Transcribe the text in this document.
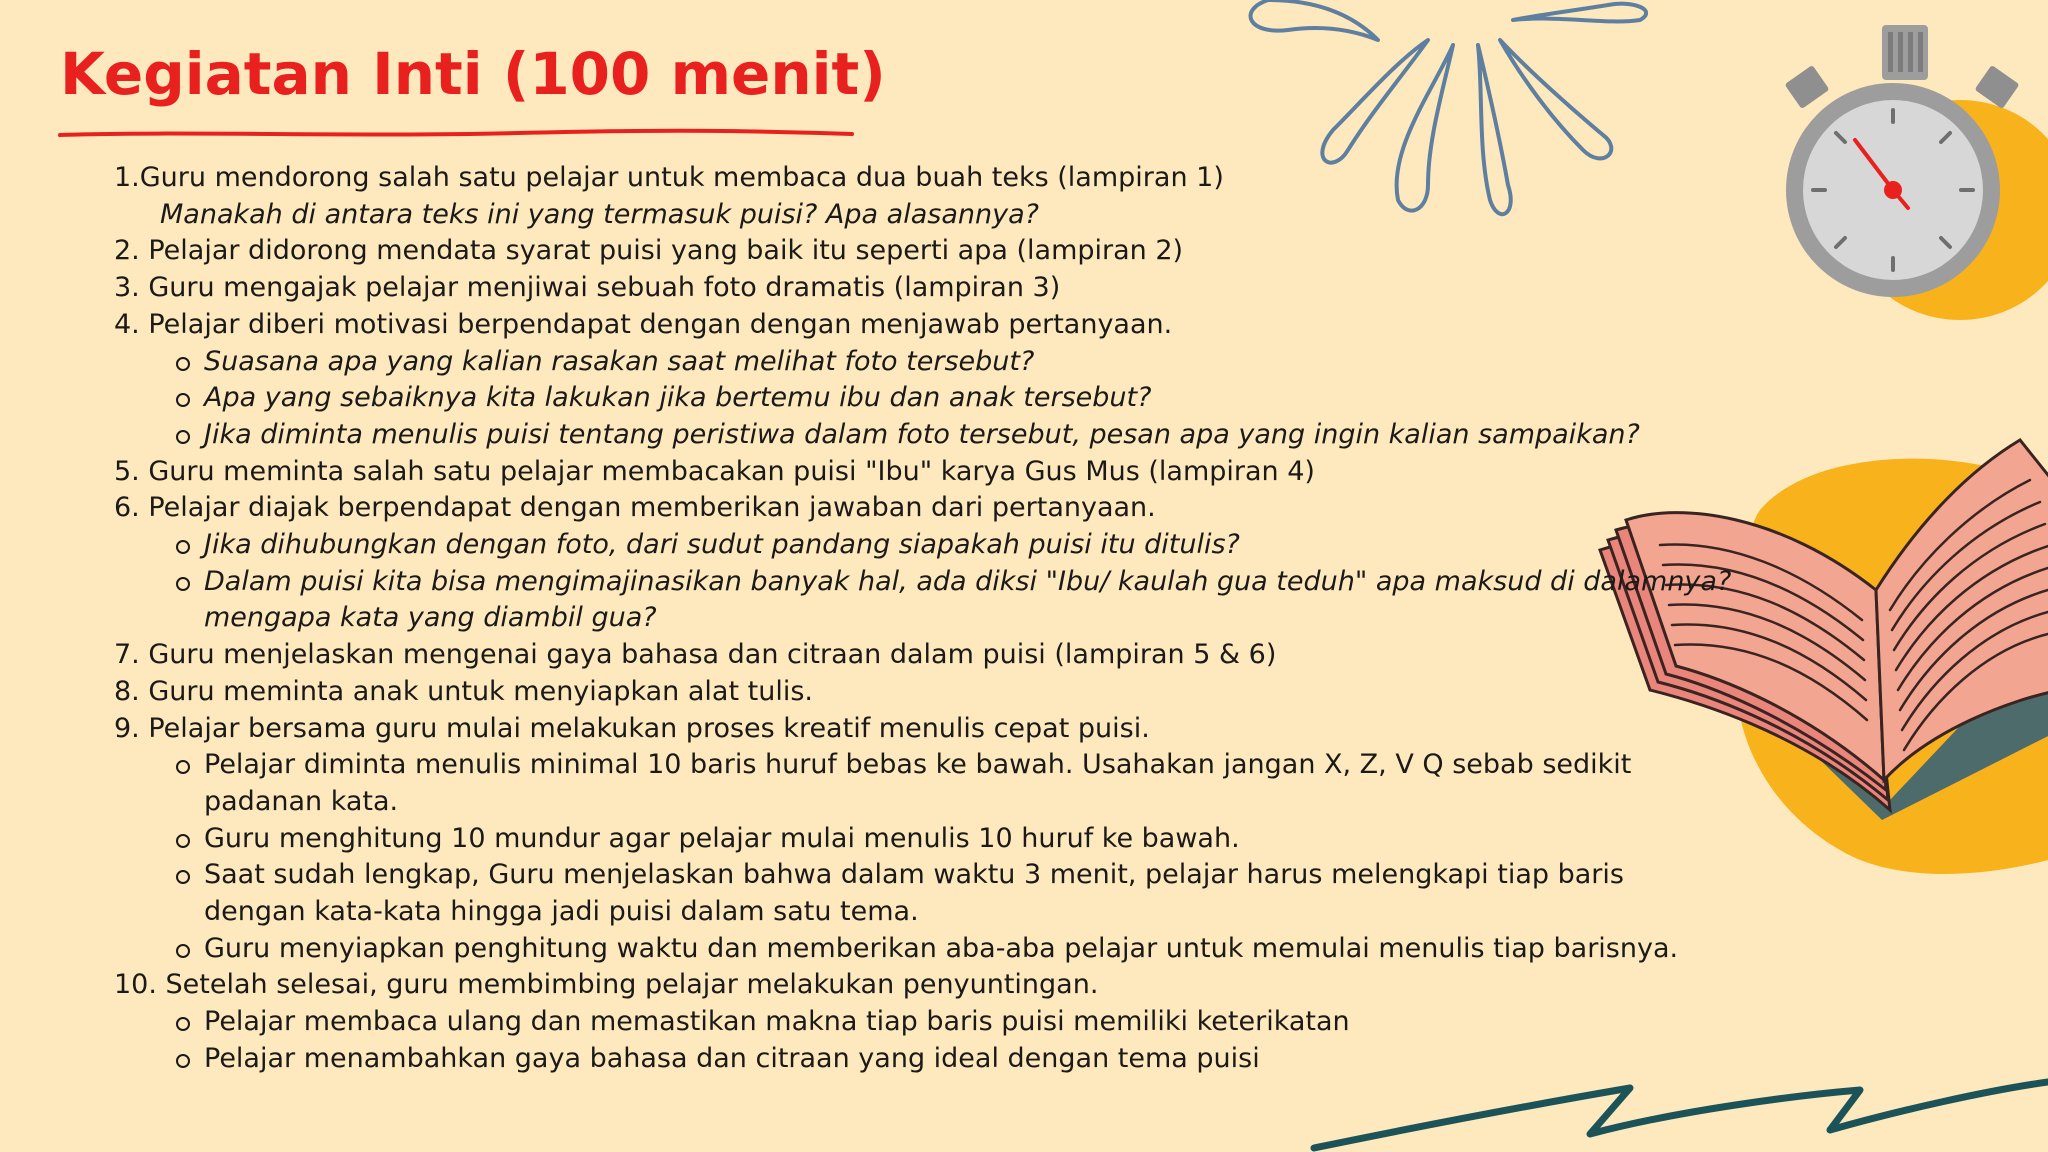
Kegiatan Inti (100 menit)
1.Guru mendorong salah satu pelajar untuk membaca dua buah teks (lampiran 1)
Manakah di antara teks ini yang termasuk puisi? Apa alasannya?
2. Pelajar didorong mendata syarat puisi yang baik itu seperti apa (lampiran 2)
3. Guru mengajak pelajar menjiwai sebuah foto dramatis (lampiran 3)
4. Pelajar diberi motivasi berpendapat dengan dengan menjawab pertanyaan.
Suasana apa yang kalian rasakan saat melihat foto tersebut?
Apa yang sebaiknya kita lakukan jika bertemu ibu dan anak tersebut?
Jika diminta menulis puisi tentang peristiwa dalam foto tersebut, pesan apa yang ingin kalian sampaikan?
5. Guru meminta salah satu pelajar membacakan puisi "Ibu" karya Gus Mus (lampiran 4)
6. Pelajar diajak berpendapat dengan memberikan jawaban dari pertanyaan.
Jika dihubungkan dengan foto, dari sudut pandang siapakah puisi itu ditulis?
Dalam puisi kita bisa mengimajinasikan banyak hal, ada diksi "Ibu/ kaulah gua teduh" apa maksud di dalamnya?
mengapa kata yang diambil gua?
7. Guru menjelaskan mengenai gaya bahasa dan citraan dalam puisi (lampiran 5 & 6)
8. Guru meminta anak untuk menyiapkan alat tulis.
9. Pelajar bersama guru mulai melakukan proses kreatif menulis cepat puisi.
Pelajar diminta menulis minimal 10 baris huruf bebas ke bawah. Usahakan jangan X, Z, V Q sebab sedikit
padanan kata.
Guru menghitung 10 mundur agar pelajar mulai menulis 10 huruf ke bawah.
Saat sudah lengkap, Guru menjelaskan bahwa dalam waktu 3 menit, pelajar harus melengkapi tiap baris
dengan kata-kata hingga jadi puisi dalam satu tema.
Guru menyiapkan penghitung waktu dan memberikan aba-aba pelajar untuk memulai menulis tiap barisnya.
10. Setelah selesai, guru membimbing pelajar melakukan penyuntingan.
Pelajar membaca ulang dan memastikan makna tiap baris puisi memiliki keterikatan
Pelajar menambahkan gaya bahasa dan citraan yang ideal dengan tema puisi
